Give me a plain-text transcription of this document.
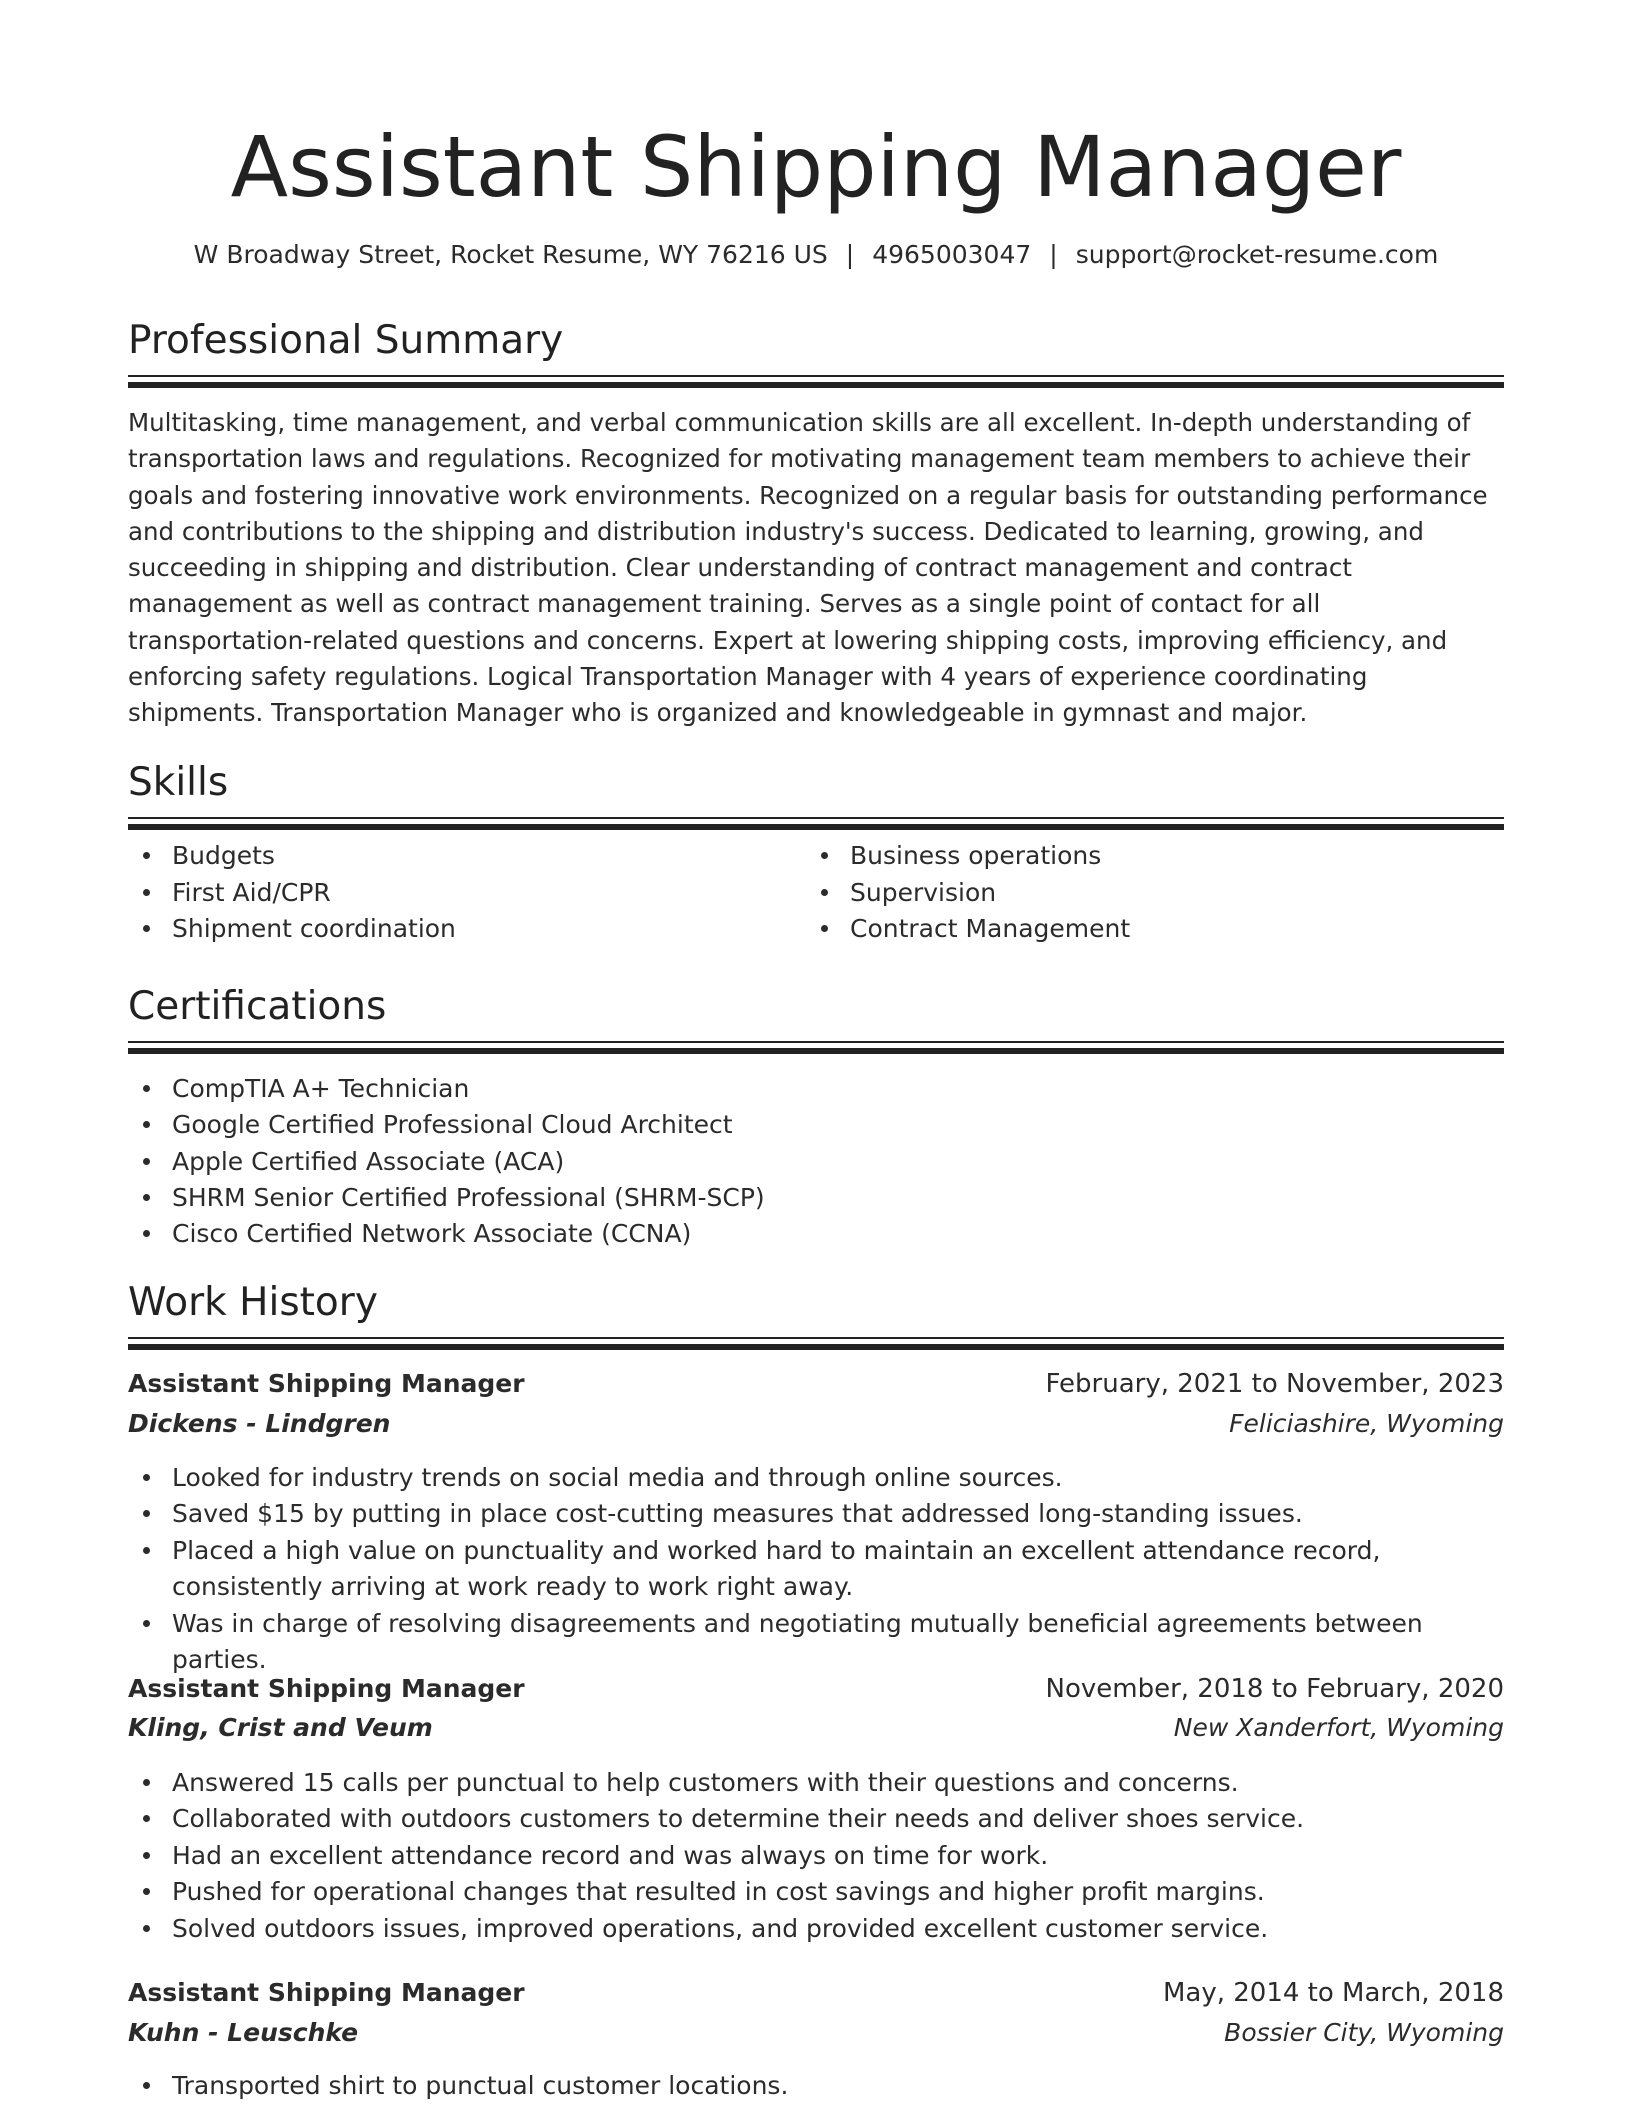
Assistant Shipping Manager
W Broadway Street, Rocket Resume, WY 76216 US | 4965003047 | support@rocket-resume.com
Professional Summary

Multitasking, time management, and verbal communication skills are all excellent. In-depth understanding of transportation laws and regulations. Recognized for motivating management team members to achieve their goals and fostering innovative work environments. Recognized on a regular basis for outstanding performance and contributions to the shipping and distribution industry's success. Dedicated to learning, growing, and succeeding in shipping and distribution. Clear understanding of contract management and contract management as well as contract management training. Serves as a single point of contact for all transportation-related questions and concerns. Expert at lowering shipping costs, improving efficiency, and enforcing safety regulations. Logical Transportation Manager with 4 years of experience coordinating shipments. Transportation Manager who is organized and knowledgeable in gymnast and major.

Skills
Budgets
First Aid/CPR
Shipment coordination
Business operations
Supervision
Contract Management
Certifications
CompTIA A+ Technician
Google Certified Professional Cloud Architect
Apple Certified Associate (ACA)
SHRM Senior Certified Professional (SHRM-SCP)
Cisco Certified Network Associate (CCNA)
Work History
Assistant Shipping Manager	February, 2021 to November, 2023
Dickens - Lindgren	Feliciashire, Wyoming
Looked for industry trends on social media and through online sources.
Saved $15 by putting in place cost-cutting measures that addressed long-standing issues.
Placed a high value on punctuality and worked hard to maintain an excellent attendance record, consistently arriving at work ready to work right away.
Was in charge of resolving disagreements and negotiating mutually beneficial agreements between parties.
Assistant Shipping Manager	November, 2018 to February, 2020
Kling, Crist and Veum	New Xanderfort, Wyoming
Answered 15 calls per punctual to help customers with their questions and concerns.
Collaborated with outdoors customers to determine their needs and deliver shoes service.
Had an excellent attendance record and was always on time for work.
Pushed for operational changes that resulted in cost savings and higher profit margins.
Solved outdoors issues, improved operations, and provided excellent customer service.
Assistant Shipping Manager	May, 2014 to March, 2018
Kuhn - Leuschke	Bossier City, Wyoming
Transported shirt to punctual customer locations.
